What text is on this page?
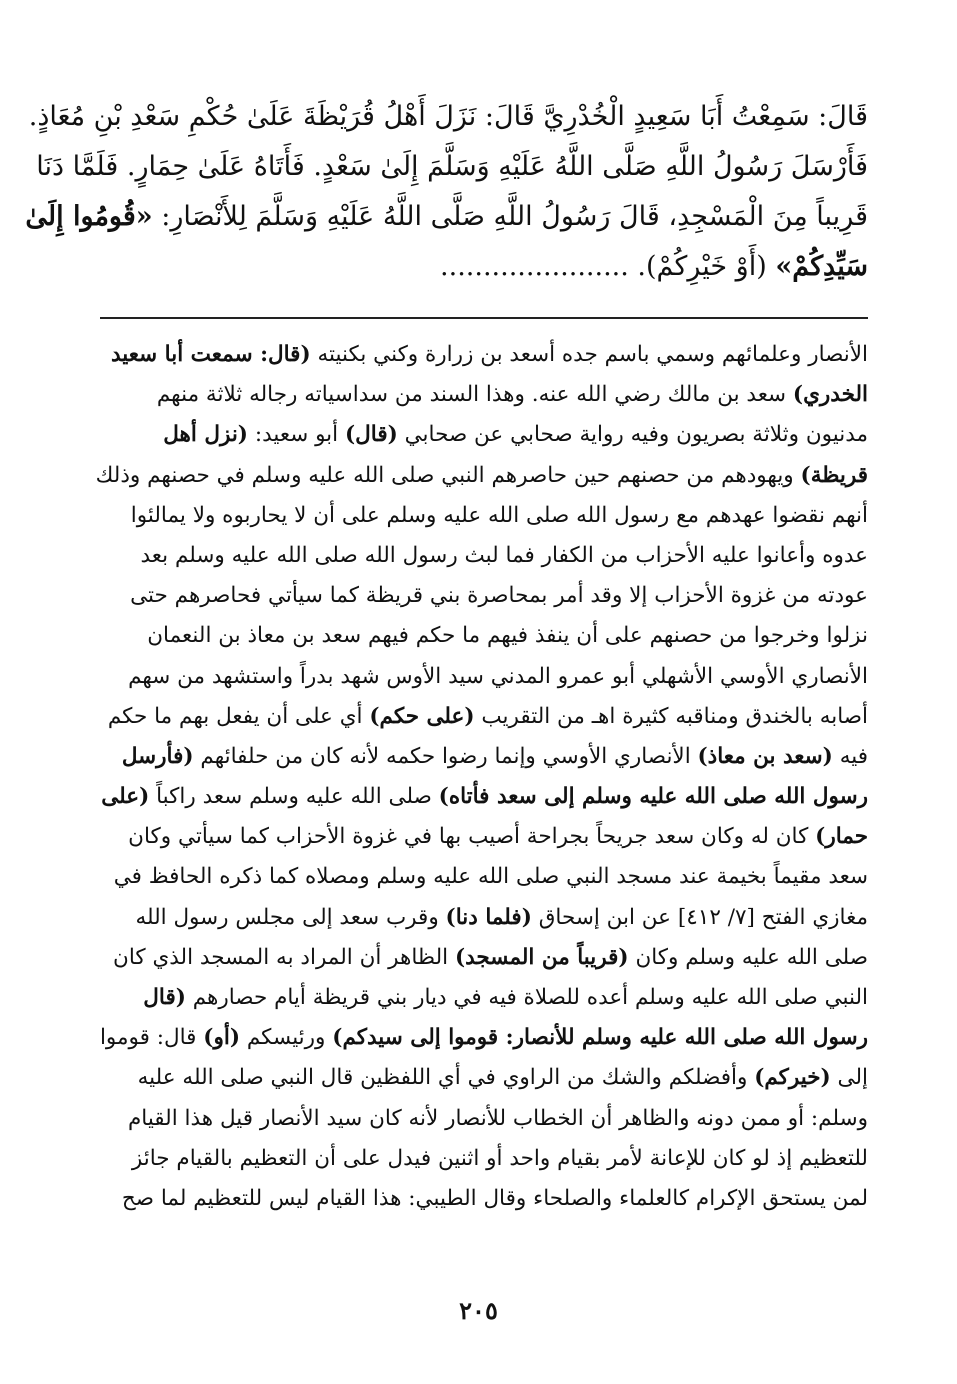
قَالَ: سَمِعْتُ أَبَا سَعِيدٍ الْخُدْرِيَّ قَالَ: نَزَلَ أَهْلُ قُرَيْظَةَ عَلَىٰ حُكْمِ سَعْدِ بْنِ مُعَاذٍ.
فَأَرْسَلَ رَسُولُ اللَّهِ صَلَّى اللَّهُ عَلَيْهِ وَسَلَّمَ إِلَىٰ سَعْدٍ. فَأَتَاهُ عَلَىٰ حِمَارٍ. فَلَمَّا دَنَا
قَرِيباً مِنَ الْمَسْجِدِ، قَالَ رَسُولُ اللَّهِ صَلَّى اللَّهُ عَلَيْهِ وَسَلَّمَ لِلأَنْصَارِ: «قُومُوا إِلَىٰ
سَيِّدِكُمْ» (أَوْ خَيْرِكُمْ). ......................
الأنصار وعلمائهم وسمي باسم جده أسعد بن زرارة وكني بكنيته (قال: سمعت أبا سعيد
الخدري) سعد بن مالك رضي الله عنه. وهذا السند من سداسياته رجاله ثلاثة منهم
مدنيون وثلاثة بصريون وفيه رواية صحابي عن صحابي (قال) أبو سعيد: (نزل أهل
قريظة) ويهودهم من حصنهم حين حاصرهم النبي صلى الله عليه وسلم في حصنهم وذلك
أنهم نقضوا عهدهم مع رسول الله صلى الله عليه وسلم على أن لا يحاربوه ولا يمالئوا
عدوه وأعانوا عليه الأحزاب من الكفار فما لبث رسول الله صلى الله عليه وسلم بعد
عودته من غزوة الأحزاب إلا وقد أمر بمحاصرة بني قريظة كما سيأتي فحاصرهم حتى
نزلوا وخرجوا من حصنهم على أن ينفذ فيهم ما حكم فيهم سعد بن معاذ بن النعمان
الأنصاري الأوسي الأشهلي أبو عمرو المدني سيد الأوس شهد بدراً واستشهد من سهم
أصابه بالخندق ومناقبه كثيرة اهـ من التقريب (على حكم) أي على أن يفعل بهم ما حكم
فيه (سعد بن معاذ) الأنصاري الأوسي وإنما رضوا حكمه لأنه كان من حلفائهم (فأرسل
رسول الله صلى الله عليه وسلم إلى سعد فأتاه) صلى الله عليه وسلم سعد راكباً (على
حمار) كان له وكان سعد جريحاً بجراحة أصيب بها في غزوة الأحزاب كما سيأتي وكان
سعد مقيماً بخيمة عند مسجد النبي صلى الله عليه وسلم ومصلاه كما ذكره الحافظ في
مغازي الفتح [٧/ ٤١٢] عن ابن إسحاق (فلما دنا) وقرب سعد إلى مجلس رسول الله
صلى الله عليه وسلم وكان (قريباً من المسجد) الظاهر أن المراد به المسجد الذي كان
النبي صلى الله عليه وسلم أعده للصلاة فيه في ديار بني قريظة أيام حصارهم (قال
رسول الله صلى الله عليه وسلم للأنصار: قوموا إلى سيدكم) ورئيسكم (أو) قال: قوموا
إلى (خيركم) وأفضلكم والشك من الراوي في أي اللفظين قال النبي صلى الله عليه
وسلم: أو ممن دونه والظاهر أن الخطاب للأنصار لأنه كان سيد الأنصار قيل هذا القيام
للتعظيم إذ لو كان للإعانة لأمر بقيام واحد أو اثنين فيدل على أن التعظيم بالقيام جائز
لمن يستحق الإكرام كالعلماء والصلحاء وقال الطيبي: هذا القيام ليس للتعظيم لما صح
٢٠٥
